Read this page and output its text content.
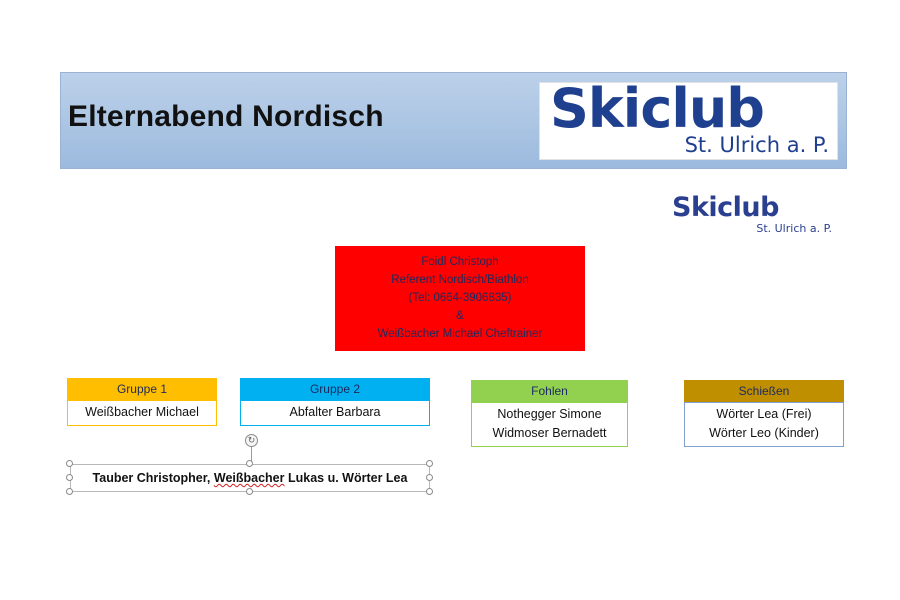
Elternabend Nordisch	Skiclub
St. Ulrich a. P.
Skiclub
St. Ulrich a. P.
Foidl Christoph
Referent Nordisch/Biathlon
(Tel: 0664-3906835)
&
Weißbacher Michael Cheftrainer
Gruppe 1
Weißbacher Michael
Gruppe 2
Abfalter Barbara
Fohlen
Nothegger Simone
Widmoser Bernadett
Schießen
Wörter Lea (Frei)
Wörter Leo (Kinder)
↻
Tauber Christopher, Weißbacher Lukas u. Wörter Lea
